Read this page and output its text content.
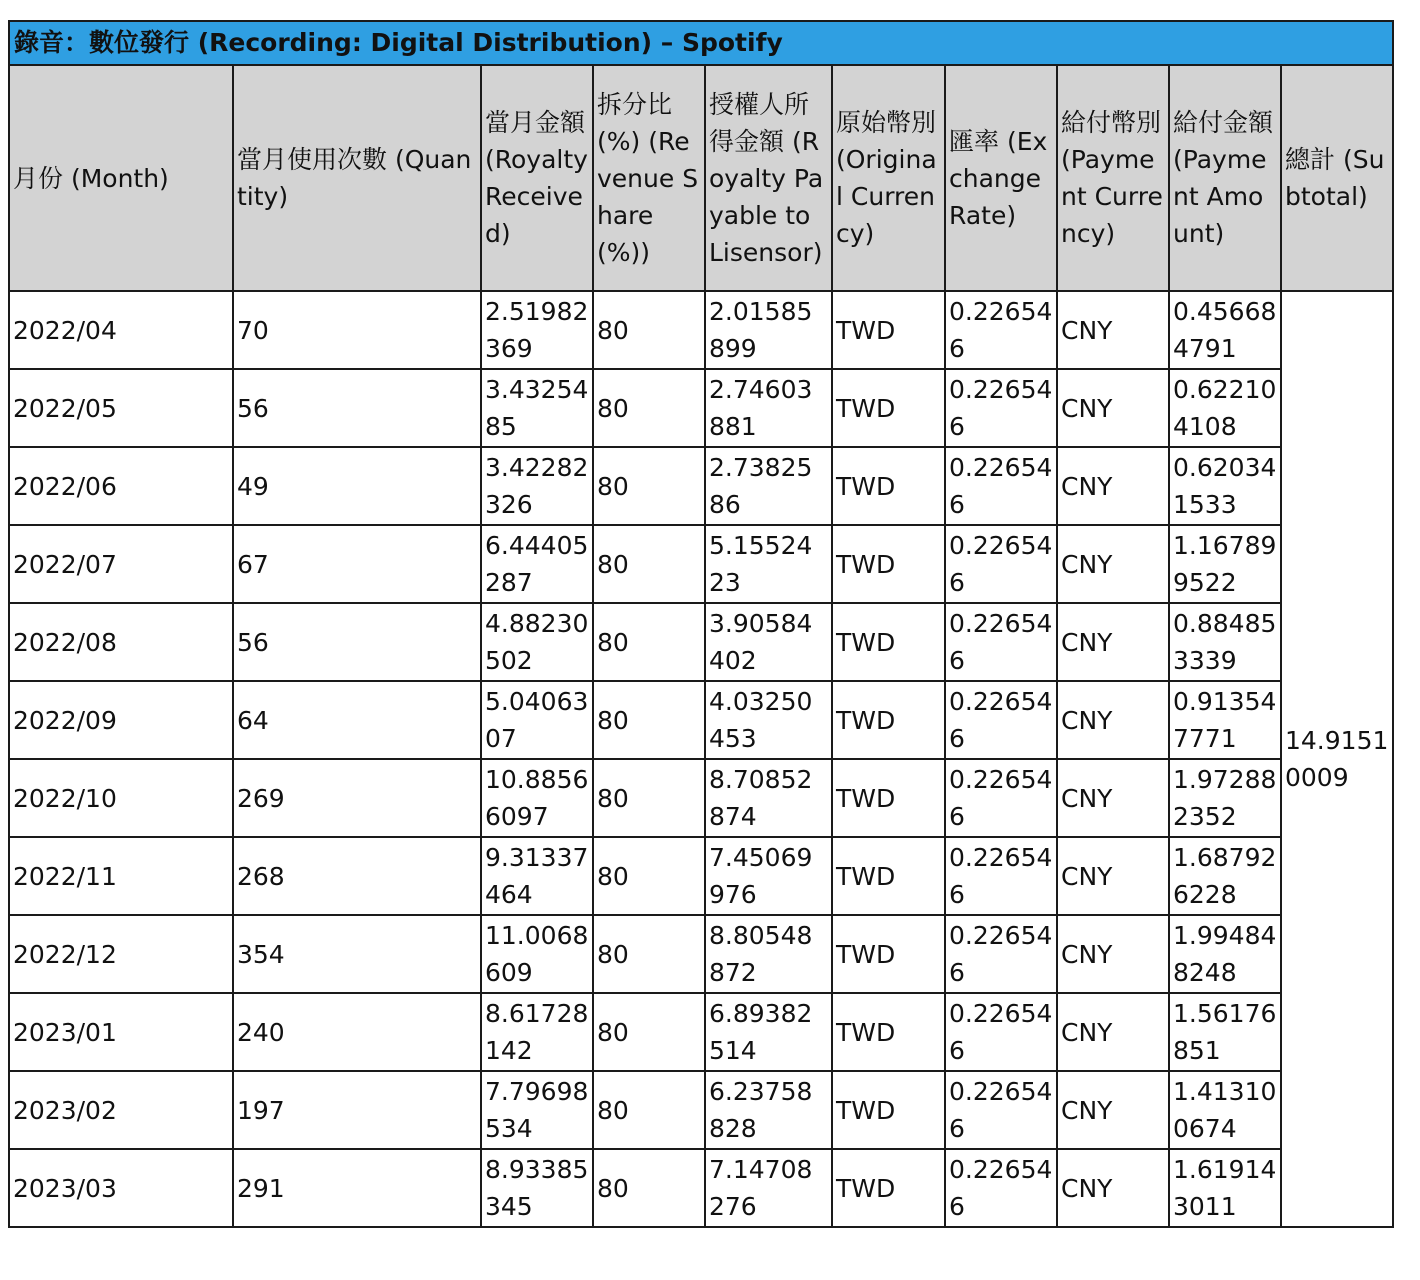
錄音：數位發行 (Recording: Digital Distribution) – Spotify									
月份 (Month)	當月使用次數 (Quantity)	當月金額 (Royalty Received)	拆分比 (%) (Revenue Share (%))	授權人所得金額 (Royalty Payable to Lisensor)	原始幣別 (Original Currency)	匯率 (Exchange Rate)	給付幣別 (Payment Currency)	給付金額 (Payment Amount)	總計 (Subtotal)
2022/04	70	2.51982369	80	2.01585899	TWD	0.226546	CNY	0.456684791	14.91510009
2022/05	56	3.4325485	80	2.74603881	TWD	0.226546	CNY	0.622104108	
2022/06	49	3.42282326	80	2.7382586	TWD	0.226546	CNY	0.620341533	
2022/07	67	6.44405287	80	5.1552423	TWD	0.226546	CNY	1.167899522	
2022/08	56	4.88230502	80	3.90584402	TWD	0.226546	CNY	0.884853339	
2022/09	64	5.0406307	80	4.03250453	TWD	0.226546	CNY	0.913547771	
2022/10	269	10.88566097	80	8.70852874	TWD	0.226546	CNY	1.972882352	
2022/11	268	9.31337464	80	7.45069976	TWD	0.226546	CNY	1.687926228	
2022/12	354	11.0068609	80	8.80548872	TWD	0.226546	CNY	1.994848248	
2023/01	240	8.61728142	80	6.89382514	TWD	0.226546	CNY	1.56176851	
2023/02	197	7.79698534	80	6.23758828	TWD	0.226546	CNY	1.413100674	
2023/03	291	8.93385345	80	7.14708276	TWD	0.226546	CNY	1.619143011	
